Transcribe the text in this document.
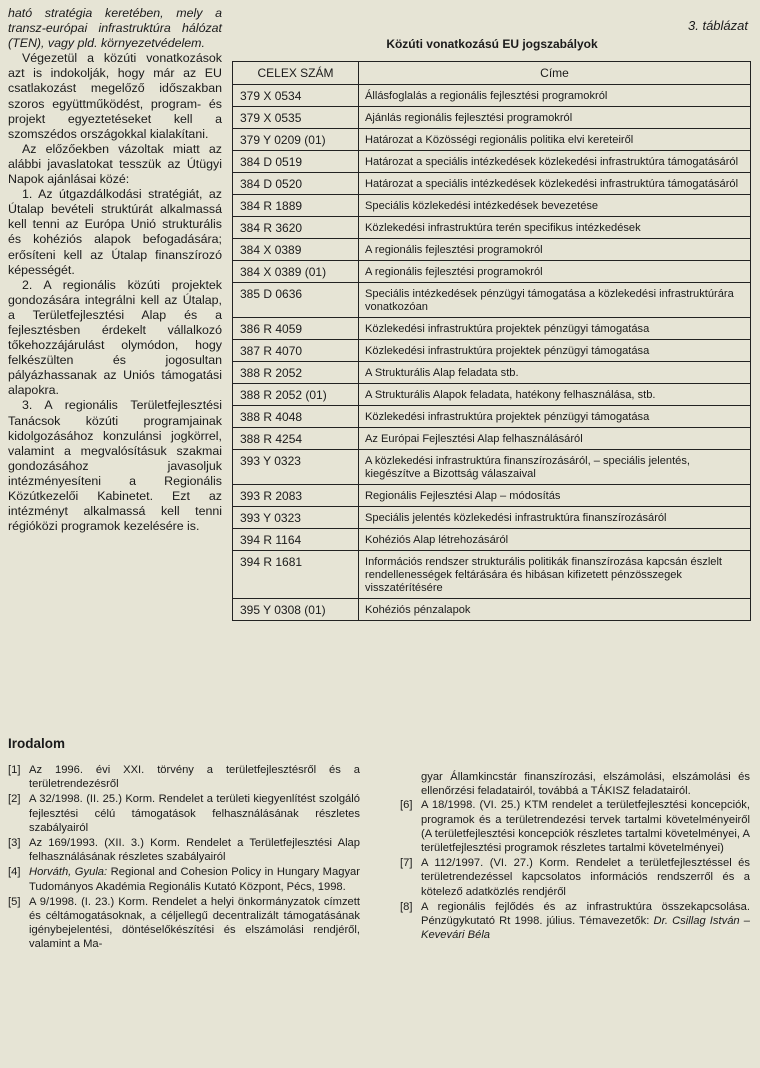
ható stratégia keretében, mely a transz-európai infrastruktúra hálózat (TEN), vagy pld. környezetvédelem.

Végezetül a közúti vonatkozások azt is indokolják, hogy már az EU csatlakozást megelőző időszakban szoros együttműködést, program- és projekt egyeztetéseket kell a szomszédos országokkal kialakítani.

Az előzőekben vázoltak miatt az alábbi javaslatokat tesszük az Útügyi Napok ajánlásai közé:

1. Az útgazdálkodási stratégiát, az Útalap bevételi struktúrát alkalmassá kell tenni az Európa Unió strukturális és kohéziós alapok befogadására; erősíteni kell az Útalap finanszírozó képességét.

2. A regionális közúti projektek gondozására integrálni kell az Útalap, a Területfejlesztési Alap és a fejlesztésben érdekelt vállalkozó tőkehozzájárulást olymódon, hogy felkészülten és jogosultan pályázhassanak az Uniós támogatási alapokra.

3. A regionális Területfejlesztési Tanácsok közúti programjainak kidolgozásához konzulánsi jogkörrel, valamint a megvalósításuk szakmai gondozásához javasoljuk intézményesíteni a Regionális Közútkezelői Kabinetet. Ezt az intézményt alkalmassá kell tenni régióközi programok kezelésére is.

Irodalom
[1] Az 1996. évi XXI. törvény a területfejlesztésről és a területrendezésről
[2] A 32/1998. (II. 25.) Korm. Rendelet a területi kiegyenlítést szolgáló fejlesztési célú támogatások felhasználásának részletes szabályairól
[3] Az 169/1993. (XII. 3.) Korm. Rendelet a Területfejlesztési Alap felhasználásának részletes szabályairól
[4] Horváth, Gyula: Regional and Cohesion Policy in Hungary Magyar Tudományos Akadémia Regionális Kutató Központ, Pécs, 1998.
[5] A 9/1998. (I. 23.) Korm. Rendelet a helyi önkormányzatok címzett és céltámogatásoknak, a céljellegű decentralizált támogatásának igénybejelentési, döntéselőkészítési és elszámolási rendjéről, valamint a Ma-
gyar Államkincstár finanszírozási, elszámolási, elszámolási és ellenőrzési feladatairól, továbbá a TÁKISZ feladatairól.
[6] A 18/1998. (VI. 25.) KTM rendelet a területfejlesztési koncepciók, programok és a területrendezési tervek tartalmi követelményeiről (A területfejlesztési koncepciók részletes tartalmi követelményei, A területfejlesztési programok részletes tartalmi követelményei)
[7] A 112/1997. (VI. 27.) Korm. Rendelet a területfejlesztéssel és területrendezéssel kapcsolatos információs rendszerről és a kötelező adatközlés rendjéről
[8] A regionális fejlődés és az infrastruktúra összekapcsolása. Pénzügykutató Rt 1998. július. Témavezetők: Dr. Csillag István – Kevevári Béla
3. táblázat
Közúti vonatkozású EU jogszabályok
CELEX SZÁM	Címe
379 X 0534	Állásfoglalás a regionális fejlesztési programokról
379 X 0535	Ajánlás regionális fejlesztési programokról
379 Y 0209 (01)	Határozat a Közösségi regionális politika elvi kereteiről
384 D 0519	Határozat a speciális intézkedések közlekedési infrastruktúra támogatásáról
384 D 0520	Határozat a speciális intézkedések közlekedési infrastruktúra támogatásáról
384 R 1889	Speciális közlekedési intézkedések bevezetése
384 R 3620	Közlekedési infrastruktúra terén specifikus intézkedések
384 X 0389	A regionális fejlesztési programokról
384 X 0389 (01)	A regionális fejlesztési programokról
385 D 0636	Speciális intézkedések pénzügyi támogatása a közlekedési infrastruktúrára vonatkozóan
386 R 4059	Közlekedési infrastruktúra projektek pénzügyi támogatása
387 R 4070	Közlekedési infrastruktúra projektek pénzügyi támogatása
388 R 2052	A Strukturális Alap feladata stb.
388 R 2052 (01)	A Strukturális Alapok feladata, hatékony felhasználása, stb.
388 R 4048	Közlekedési infrastruktúra projektek pénzügyi támogatása
388 R 4254	Az Európai Fejlesztési Alap felhasználásáról
393 Y 0323	A közlekedési infrastruktúra finanszírozásáról, – speciális jelentés, kiegészítve a Bizottság válaszaival
393 R 2083	Regionális Fejlesztési Alap – módosítás
393 Y 0323	Speciális jelentés közlekedési infrastruktúra finanszírozásáról
394 R 1164	Kohéziós Alap létrehozásáról
394 R 1681	Információs rendszer strukturális politikák finanszírozása kapcsán észlelt rendellenességek feltárására és hibásan kifizetett pénzösszegek visszatérítésére
395 Y 0308 (01)	Kohéziós pénzalapok
